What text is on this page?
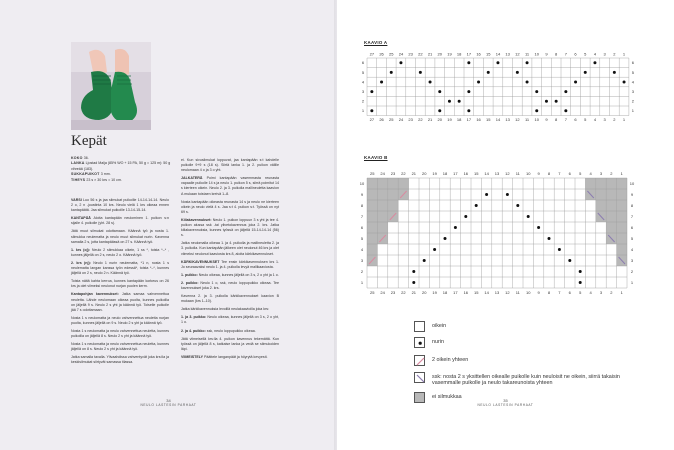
Kepät
KOKO 36.
LANKA Ljostad Malja (85% WO + 15 PA, 50 g = 125 m): 50 g vihreää (183).
SUKKAPUIKOT 3 mm.
TIHEYS 23 s × 30 krs = 10 cm.

VARSI Luo 56 s ja jaa silmukat puikoille 14-14-14-14. Neulo 2 o, 2 n -joustinta 10 krs. Neulo vielä 1 krs oikeaa ennen kantapäätä. Jaa silmukat puikoille 13-14-15-14.

KANTAPÄÄ Aloita kantapään neulominen 1. puikon s:n sijalle 4. puikolle (yht. 28 s).

Jätä muut silmukat odottamaan. Käännä työ ja nosta 1. silmukka neulematta ja neulo muut silmukat nurin. Kavenna samalla 2 s, jotta kantapäässä on 27 s. Käännä työ.

1. krs (oj): Neulo 2 silmukkaa oikein, 1 ss *, toista *–* , kunnes jäljellä on 2 s, neulo 2 o. Käännä työ.

2. krs (nj): Neulo 1 nurin neulematta, *1 n, nosta 1 s neulematta langan kanssa työn edessä*, toista *–*, kunnes jäljellä on 2 s, neulo 2 n. Käännä työ.

Toista näitä kahta kerroa, kunnes kantapään korkeus on 26 krs ja olet viimeksi neulonut nurjan puolen kerrn.

Kantapohjan kavennukset: Jatka samaa vahvennettua neuletta. Lähde neulomaan oikeaa puolta, kunnes puikoilla on jäljellä 9 s. Neulo 2 s yht ja käännä työ. Toiselle puikolle jää 7 s odottamaan.

Nosta 1 s neulomatta ja neulo vahvennettua neuletta nurjan puolta, kunnes jäljellä on 9 s. Neulo 2 s yht ja käännä työ.

Nosta 1 s neulomatta ja neulo vahvennettua neuletta, kunnes puikoilla on jäljellä 8 s. Neulo 2 s yht ja käännä työ.

Nosta 1 s neulomatta ja neulo vahvennettua neuletta, kunnes jäljellä on 8 s. Neulo 2 s yht ja käännä työ.

Jatka samalla tavalla. Ylivaahdissa vahventyvät joka krs:lla ja keskisilmukat siirtyvät samassa tilassa.

ei. Kun sivusilmukat loppuvat, jaa kantapään s:t kahdelle puikolle 9+9 s (18 s). Siirtä lanka 1. ja 2. puikon välille neulomaan 4 o ja 3 o yht.

JALKATERÄ Poimi kantapään vasemmasta reunasta vapaalle puikolle 14 s ja neulo 1. puikon 5 s, siirrä poimitut 14 s kierteen oikein. Neulo 2. ja 3. puikolla mallineuletta kaavion A mukaan toistaen kreivä 1–8.

Nosta kantapään oikeasta reunasta 14 s ja neulo ne kierteen oikein ja neulo vielä 4 s. Jaa s:t 4. puikon s:t. Työssä on nyt 69 s.

Kiilakavennukset: Neulo 1. puikon loppuun 3 s yht ja tee 4. puikon alussa ssk -tai ylivetokavennus joka 2. krs. Jatka kiilakavennuksia, kunnes työssä on jäljellä 15-14-14-14 (56) s.

Jatka neulomalla oikeaa 1. ja 4. puikolla ja mallineuletta 2. ja 3. puikolla. Kun kantapään jälkeen olet neulonut 46 krs ja olet viimeksi neulonut kaaviosta krs 8, aloita kärkikavennukset.

KÄRKIKAVENNUKSET Tee ensin kärkikavennuksen krs 1. Jo seuraavaksi neulo 1. ja 4. puikolla levyä mallikaaviosta.

1. puikko: Neulo oikeaa, kunnes jäljellä on 3 s, 2 o yht ja 1 o.

2. puikko: Neulo 1 o, ssk, neulo loppupuikko oikeaa. Tee kavennukset joka 2. krs.

Kavenna 2. ja 3. puikolla kärkikavennukset kaavion B mukaan (krs 1–10).

Jatka kärkikavennuksia levoillä neulakaavioilla joka krs:

1. ja 3. puikko: Neulo oikeaa, kunnes jäljellä on 3 s, 2 o yht, 1 o.

2. ja 4. puikko: ssk, neulo loppupuikko oikeaa.

Jätä viimeisellä krs:lla 4. puikon kavennus tekemättä. Kun työssä on jäljellä 8 s, katkaise lanka ja vedä se silmukoiden läpi.

VIIMEISTELY Päättele langanpäät ja höyrytä kevyesti.

34
NEULO LASTESIN PARHAAT
35
NEULO LASTESIN PARHAAT
KAAVIO A
27
27
26
26
25
25
24
24
23
23
22
22
21
21
20
20
19
19
18
18
17
17
16
16
15
15
14
14
13
13
12
12
11
11
10
10
9
9
8
8
7
7
6
6
5
5
4
4
3
3
2
2
1
1
6	6
5	5
4	4
3	3
2	2
1	1
KAAVIO B
25
25
24
24
23
23
22
22
21
21
20
20
19
19
18
18
17
17
16
16
15
15
14
14
13
13
12
12
11
11
10
10
9
9
8
8
7
7
6
6
5
5
4
4
3
3
2
2
1
1
10	10
9	9
8	8
7	7
6	6
5	5
4	4
3	3
2	2
1	1
oikein
nurin
2 oikein yhteen
ssk: nosta 2 s yksittellen oikealle puikolle kuin neuloisit ne oikein, siirrä takaisin vasemmalle puikolle ja neulo takareunoista yhteen
ei silmukkaa
